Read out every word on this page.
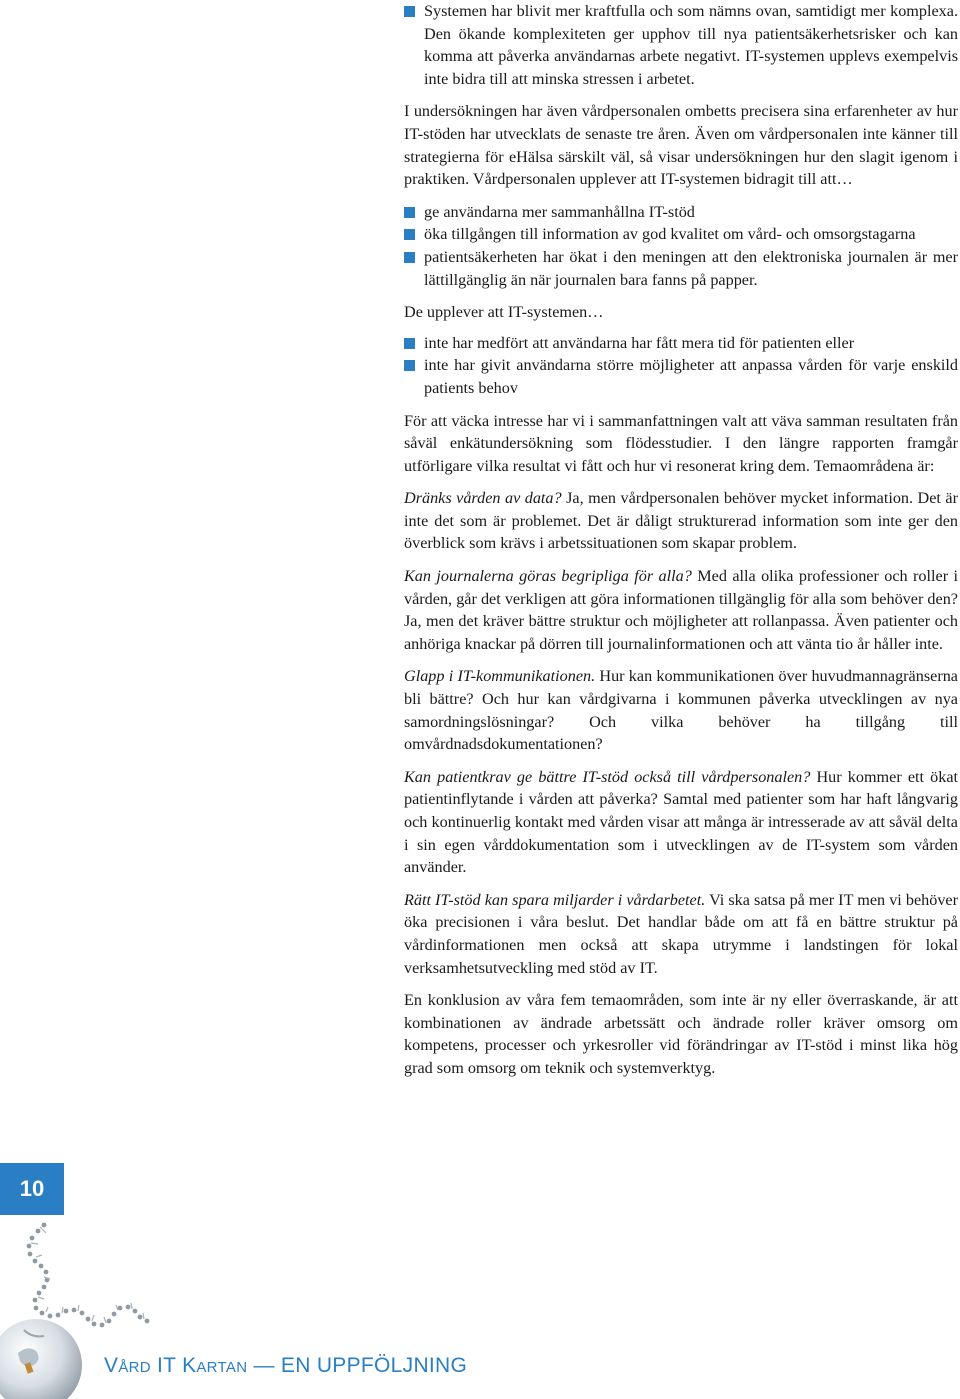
Systemen har blivit mer kraftfulla och som nämns ovan, samtidigt mer komplexa. Den ökande komplexiteten ger upphov till nya patientsäkerhetsrisker och kan komma att påverka användarnas arbete negativt. IT-systemen upplevs exempelvis inte bidra till att minska stressen i arbetet.

I undersökningen har även vårdpersonalen ombetts precisera sina erfarenheter av hur IT-stöden har utvecklats de senaste tre åren. Även om vårdpersonalen inte känner till strategierna för eHälsa särskilt väl, så visar undersökningen hur den slagit igenom i praktiken. Vårdpersonalen upplever att IT-systemen bidragit till att…

ge användarna mer sammanhållna IT-stöd
öka tillgången till information av god kvalitet om vård- och omsorgstagarna
patientsäkerheten har ökat i den meningen att den elektroniska journalen är mer lättillgänglig än när journalen bara fanns på papper.

De upplever att IT-systemen…

inte har medfört att användarna har fått mera tid för patienten eller
inte har givit användarna större möjligheter att anpassa vården för varje enskild patients behov

För att väcka intresse har vi i sammanfattningen valt att väva samman resultaten från såväl enkätundersökning som flödesstudier. I den längre rapporten framgår utförligare vilka resultat vi fått och hur vi resonerat kring dem. Temaområdena är:

Dränks vården av data? Ja, men vårdpersonalen behöver mycket information. Det är inte det som är problemet. Det är dåligt strukturerad information som inte ger den överblick som krävs i arbetssituationen som skapar problem.

Kan journalerna göras begripliga för alla? Med alla olika professioner och roller i vården, går det verkligen att göra informationen tillgänglig för alla som behöver den? Ja, men det kräver bättre struktur och möjligheter att rollanpassa. Även patienter och anhöriga knackar på dörren till journalinformationen och att vänta tio år håller inte.

Glapp i IT-kommunikationen. Hur kan kommunikationen över huvudmannagränserna bli bättre? Och hur kan vårdgivarna i kommunen påverka utvecklingen av nya samordningslösningar? Och vilka behöver ha tillgång till omvårdnadsdokumentationen?

Kan patientkrav ge bättre IT-stöd också till vårdpersonalen? Hur kommer ett ökat patientinflytande i vården att påverka? Samtal med patienter som har haft långvarig och kontinuerlig kontakt med vården visar att många är intresserade av att såväl delta i sin egen vårddokumentation som i utvecklingen av de IT-system som vården använder.

Rätt IT-stöd kan spara miljarder i vårdarbetet. Vi ska satsa på mer IT men vi behöver öka precisionen i våra beslut. Det handlar både om att få en bättre struktur på vårdinformationen men också att skapa utrymme i landstingen för lokal verksamhetsutveckling med stöd av IT.

En konklusion av våra fem temaområden, som inte är ny eller överraskande, är att kombinationen av ändrade arbetssätt och ändrade roller kräver omsorg om kompetens, processer och yrkesroller vid förändringar av IT-stöd i minst lika hög grad som omsorg om teknik och systemverktyg.

10
VÅRD IT KARTAN — EN UPPFÖLJNING
